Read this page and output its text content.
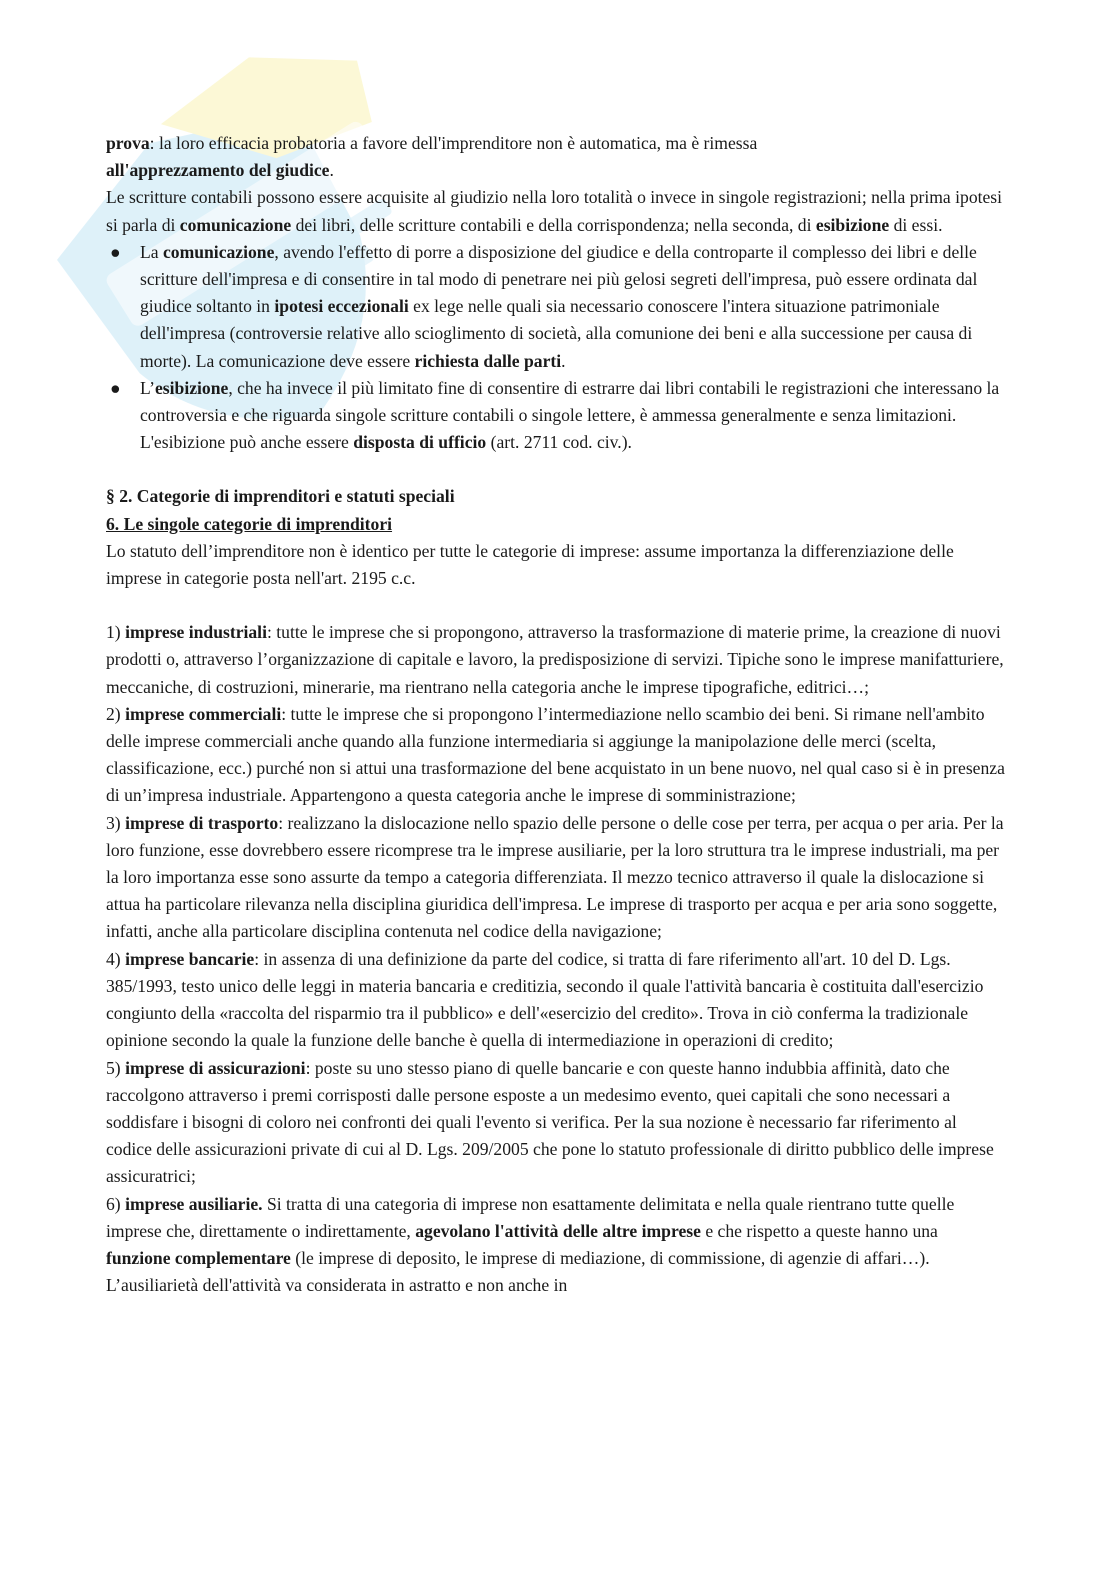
prova: la loro efficacia probatoria a favore dell'imprenditore non è automatica, ma è rimessa
all'apprezzamento del giudice.

Le scritture contabili possono essere acquisite al giudizio nella loro totalità o invece in singole registrazioni; nella prima ipotesi si parla di comunicazione dei libri, delle scritture contabili e della corrispondenza; nella seconda, di esibizione di essi.

● La comunicazione, avendo l'effetto di porre a disposizione del giudice e della controparte il complesso dei libri e delle scritture dell'impresa e di consentire in tal modo di penetrare nei più gelosi segreti dell'impresa, può essere ordinata dal giudice soltanto in ipotesi eccezionali ex lege nelle quali sia necessario conoscere l'intera situazione patrimoniale dell'impresa (controversie relative allo scioglimento di società, alla comunione dei beni e alla successione per causa di morte). La comunicazione deve essere richiesta dalle parti.
● L’esibizione, che ha invece il più limitato fine di consentire di estrarre dai libri contabili le registrazioni che interessano la controversia e che riguarda singole scritture contabili o singole lettere, è ammessa generalmente e senza limitazioni. L'esibizione può anche essere disposta di ufficio (art. 2711 cod. civ.).

§ 2. Categorie di imprenditori e statuti speciali

6. Le singole categorie di imprenditori

Lo statuto dell’imprenditore non è identico per tutte le categorie di imprese: assume importanza la differenziazione delle imprese in categorie posta nell'art. 2195 c.c.

1) imprese industriali: tutte le imprese che si propongono, attraverso la trasformazione di materie prime, la creazione di nuovi prodotti o, attraverso l’organizzazione di capitale e lavoro, la predisposizione di servizi. Tipiche sono le imprese manifatturiere, meccaniche, di costruzioni, minerarie, ma rientrano nella categoria anche le imprese tipografiche, editrici…;

2) imprese commerciali: tutte le imprese che si propongono l’intermediazione nello scambio dei beni. Si rimane nell'ambito delle imprese commerciali anche quando alla funzione intermediaria si aggiunge la manipolazione delle merci (scelta, classificazione, ecc.) purché non si attui una trasformazione del bene acquistato in un bene nuovo, nel qual caso si è in presenza di un’impresa industriale. Appartengono a questa categoria anche le imprese di somministrazione;

3) imprese di trasporto: realizzano la dislocazione nello spazio delle persone o delle cose per terra, per acqua o per aria. Per la loro funzione, esse dovrebbero essere ricomprese tra le imprese ausiliarie, per la loro struttura tra le imprese industriali, ma per la loro importanza esse sono assurte da tempo a categoria differenziata. Il mezzo tecnico attraverso il quale la dislocazione si attua ha particolare rilevanza nella disciplina giuridica dell'impresa. Le imprese di trasporto per acqua e per aria sono soggette, infatti, anche alla particolare disciplina contenuta nel codice della navigazione;

4) imprese bancarie: in assenza di una definizione da parte del codice, si tratta di fare riferimento all'art. 10 del D. Lgs. 385/1993, testo unico delle leggi in materia bancaria e creditizia, secondo il quale l'attività bancaria è costituita dall'esercizio congiunto della «raccolta del risparmio tra il pubblico» e dell'«esercizio del credito». Trova in ciò conferma la tradizionale opinione secondo la quale la funzione delle banche è quella di intermediazione in operazioni di credito;

5) imprese di assicurazioni: poste su uno stesso piano di quelle bancarie e con queste hanno indubbia affinità, dato che raccolgono attraverso i premi corrisposti dalle persone esposte a un medesimo evento, quei capitali che sono necessari a soddisfare i bisogni di coloro nei confronti dei quali l'evento si verifica. Per la sua nozione è necessario far riferimento al codice delle assicurazioni private di cui al D. Lgs. 209/2005 che pone lo statuto professionale di diritto pubblico delle imprese assicuratrici;

6) imprese ausiliarie. Si tratta di una categoria di imprese non esattamente delimitata e nella quale rientrano tutte quelle imprese che, direttamente o indirettamente, agevolano l'attività delle altre imprese e che rispetto a queste hanno una funzione complementare (le imprese di deposito, le imprese di mediazione, di commissione, di agenzie di affari…). L’ausiliarietà dell'attività va considerata in astratto e non anche in
